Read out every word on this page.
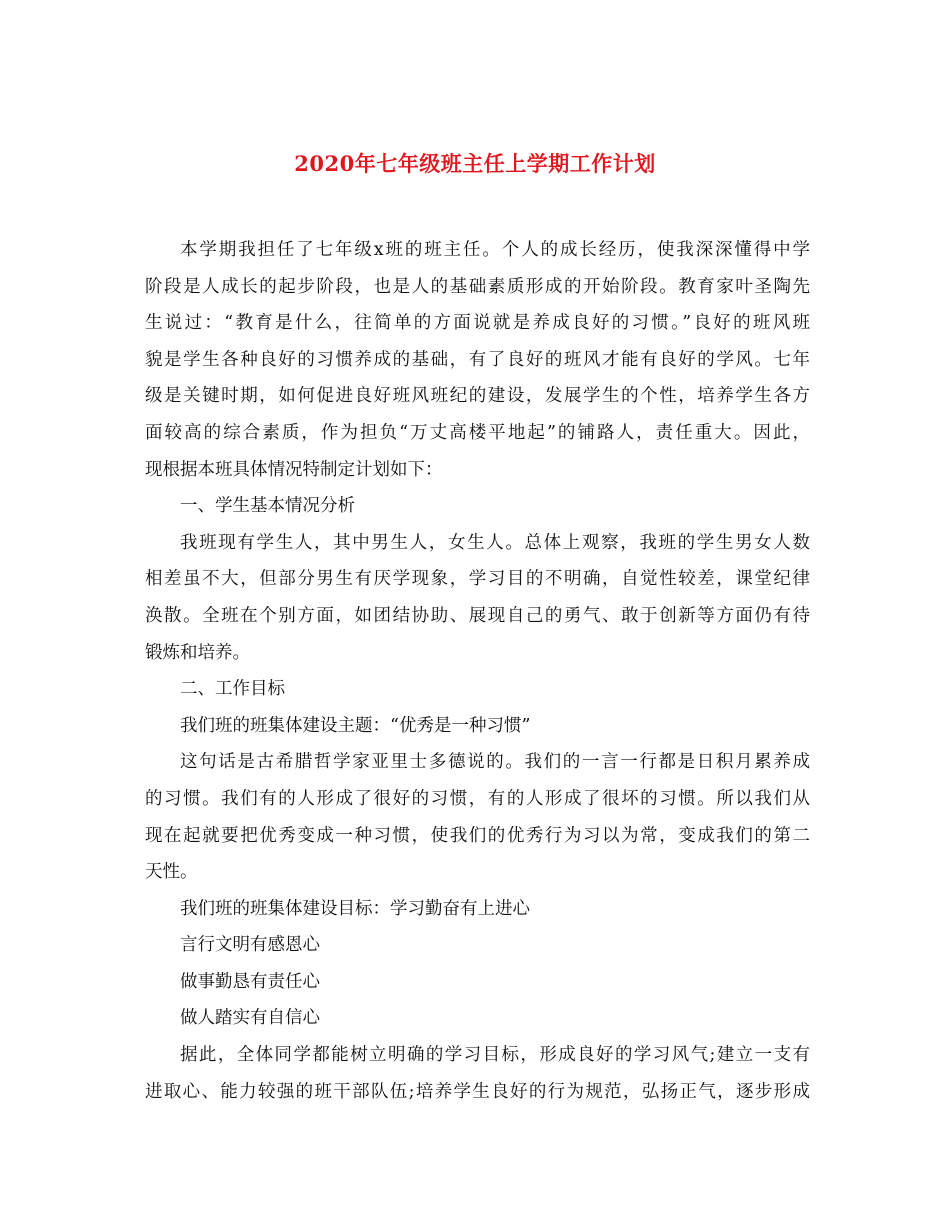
2020年七年级班主任上学期工作计划
本学期我担任了七年级x班的班主任。个人的成长经历，使我深深懂得中学
阶段是人成长的起步阶段，也是人的基础素质形成的开始阶段。教育家叶圣陶先
生说过：“教育是什么，往简单的方面说就是养成良好的习惯。”良好的班风班
貌是学生各种良好的习惯养成的基础，有了良好的班风才能有良好的学风。七年
级是关键时期，如何促进良好班风班纪的建设，发展学生的个性，培养学生各方
面较高的综合素质，作为担负“万丈高楼平地起”的铺路人，责任重大。因此，
现根据本班具体情况特制定计划如下：
一、学生基本情况分析
我班现有学生人，其中男生人，女生人。总体上观察，我班的学生男女人数
相差虽不大，但部分男生有厌学现象，学习目的不明确，自觉性较差，课堂纪律
涣散。全班在个别方面，如团结协助、展现自己的勇气、敢于创新等方面仍有待
锻炼和培养。
二、工作目标
我们班的班集体建设主题：“优秀是一种习惯”
这句话是古希腊哲学家亚里士多德说的。我们的一言一行都是日积月累养成
的习惯。我们有的人形成了很好的习惯，有的人形成了很坏的习惯。所以我们从
现在起就要把优秀变成一种习惯，使我们的优秀行为习以为常，变成我们的第二
天性。
我们班的班集体建设目标：学习勤奋有上进心
言行文明有感恩心
做事勤恳有责任心
做人踏实有自信心
据此，全体同学都能树立明确的学习目标，形成良好的学习风气;建立一支有
进取心、能力较强的班干部队伍;培养学生良好的行为规范，弘扬正气，逐步形成
